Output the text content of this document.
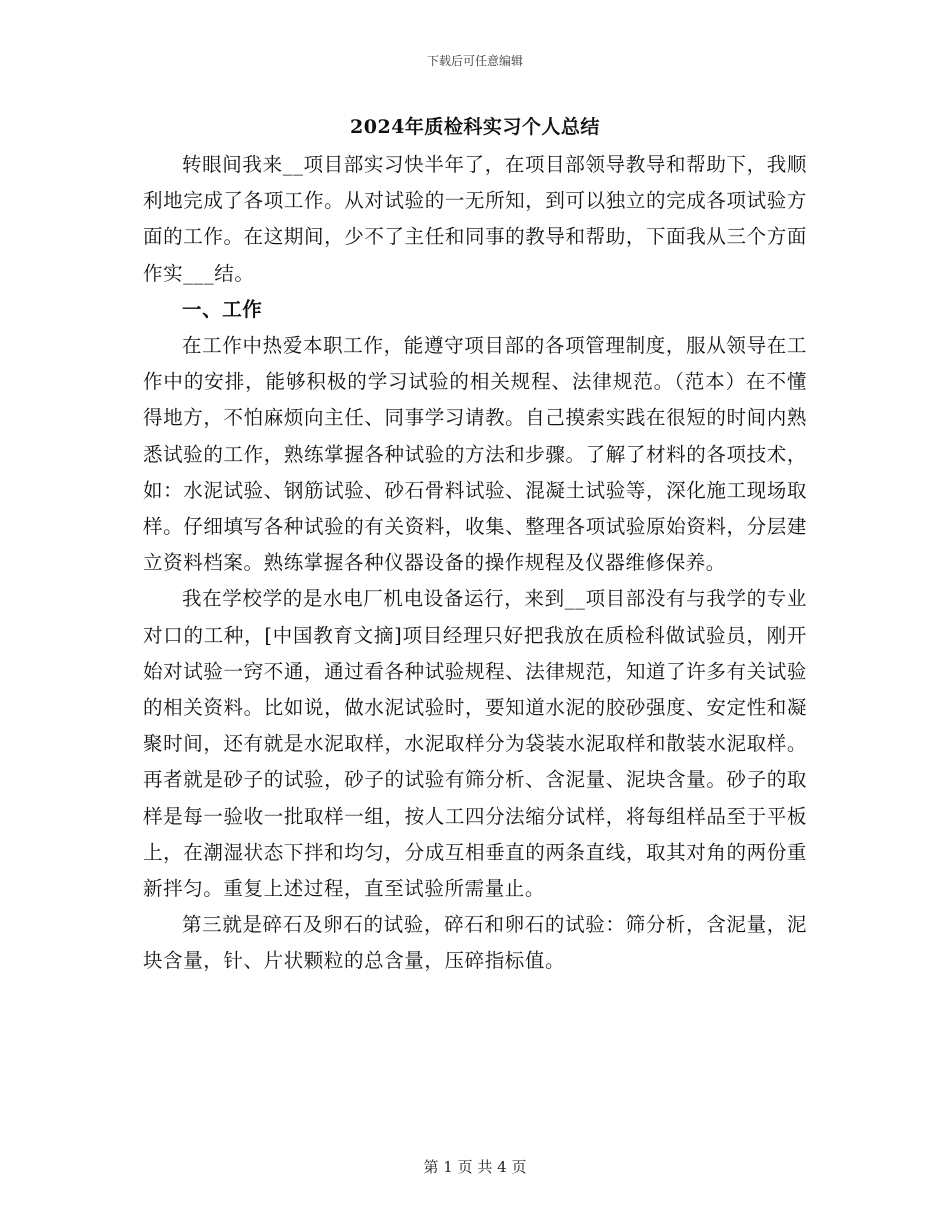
下载后可任意编辑
2024年质检科实习个人总结

转眼间我来__项目部实习快半年了，在项目部领导教导和帮助下，我顺利地完成了各项工作。从对试验的一无所知，到可以独立的完成各项试验方面的工作。在这期间，少不了主任和同事的教导和帮助，下面我从三个方面作实___结。

一、工作

在工作中热爱本职工作，能遵守项目部的各项管理制度，服从领导在工作中的安排，能够积极的学习试验的相关规程、法律规范。（范本）在不懂得地方，不怕麻烦向主任、同事学习请教。自己摸索实践在很短的时间内熟悉试验的工作，熟练掌握各种试验的方法和步骤。了解了材料的各项技术，如：水泥试验、钢筋试验、砂石骨料试验、混凝土试验等，深化施工现场取样。仔细填写各种试验的有关资料，收集、整理各项试验原始资料，分层建立资料档案。熟练掌握各种仪器设备的操作规程及仪器维修保养。

我在学校学的是水电厂机电设备运行，来到__项目部没有与我学的专业对口的工种，[中国教育文摘]项目经理只好把我放在质检科做试验员，刚开始对试验一窍不通，通过看各种试验规程、法律规范，知道了许多有关试验的相关资料。比如说，做水泥试验时，要知道水泥的胶砂强度、安定性和凝聚时间，还有就是水泥取样，水泥取样分为袋装水泥取样和散装水泥取样。再者就是砂子的试验，砂子的试验有筛分析、含泥量、泥块含量。砂子的取样是每一验收一批取样一组，按人工四分法缩分试样，将每组样品至于平板上，在潮湿状态下拌和均匀，分成互相垂直的两条直线，取其对角的两份重新拌匀。重复上述过程，直至试验所需量止。

第三就是碎石及卵石的试验，碎石和卵石的试验：筛分析，含泥量，泥块含量，针、片状颗粒的总含量，压碎指标值。

第 1 页 共 4 页
